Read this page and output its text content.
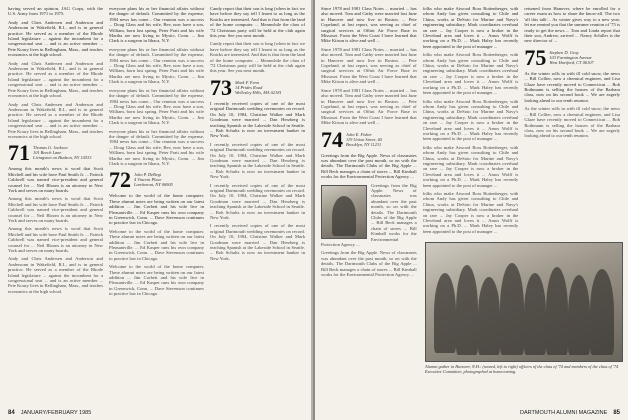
having served an opinion, JAG Corps, with the U.S. Army from 1971 to 1975.

Andy and Chris Andersen and Anderson and Andersonn in Wakefield, R.I., and is in general practice. He served as a member of the Rhode Island legislature ... against the incumbent for a congressional seat ... and is an active member ... Pete Koury lives in Bellingham, Mass., and teaches economics at the high school.

Andy and Chris Andersen and Anderson and Andersonn in Wakefield, R.I., and is in general practice. He served as a member of the Rhode Island legislature ... against the incumbent for a congressional seat ... and is an active member ... Pete Koury lives in Bellingham, Mass., and teaches economics at the high school.

Andy and Chris Andersen and Anderson and Andersonn in Wakefield, R.I., and is in general practice. He served as a member of the Rhode Island legislature ... against the incumbent for a congressional seat ... and is an active member ... Pete Koury lives in Bellingham, Mass., and teaches economics at the high school.

71 Thomas G. Jackson
101 Beech Lane
Livingston on Hudson, NY 10533

Among this month's news is word that Scott Mitchell and his wife have Paul Smith Jr. ... Patrick Caldwell was named vice-president and general counsel for ... Neil Bloom is an attorney in New York and serves on many boards.

Among this month's news is word that Scott Mitchell and his wife have Paul Smith Jr. ... Patrick Caldwell was named vice-president and general counsel for ... Neil Bloom is an attorney in New York and serves on many boards.

Among this month's news is word that Scott Mitchell and his wife have Paul Smith Jr. ... Patrick Caldwell was named vice-president and general counsel for ... Neil Bloom is an attorney in New York and serves on many boards.

Andy and Chris Andersen and Anderson and Andersonn in Wakefield, R.I., and is in general practice. He served as a member of the Rhode Island legislature ... against the incumbent for a congressional seat ... and is an active member ... Pete Koury lives in Bellingham, Mass., and teaches economics at the high school.

everyone plans his or her financial affairs without the danger of default. Committed by the expense, 1984 news has come... Our reunion was a success ... Doug Glass and his wife, Bev, now have a son, William, born last spring. Peter Pratt and his wife Martha are now living in Mystic, Conn. ... Jim Clark is a surgeon in Ithaca, N.Y.

everyone plans his or her financial affairs without the danger of default. Committed by the expense, 1984 news has come... Our reunion was a success ... Doug Glass and his wife, Bev, now have a son, William, born last spring. Peter Pratt and his wife Martha are now living in Mystic, Conn. ... Jim Clark is a surgeon in Ithaca, N.Y.

everyone plans his or her financial affairs without the danger of default. Committed by the expense, 1984 news has come... Our reunion was a success ... Doug Glass and his wife, Bev, now have a son, William, born last spring. Peter Pratt and his wife Martha are now living in Mystic, Conn. ... Jim Clark is a surgeon in Ithaca, N.Y.

everyone plans his or her financial affairs without the danger of default. Committed by the expense, 1984 news has come... Our reunion was a success ... Doug Glass and his wife, Bev, now have a son, William, born last spring. Peter Pratt and his wife Martha are now living in Mystic, Conn. ... Jim Clark is a surgeon in Ithaca, N.Y.

72 John P. DeBegi
4 Vincent Place
Larchmont, NY 06905

Welcome to the world of the home computer. These alumni notes are being written on our latest addition ... Jim Corbett and his wife live in Pleasantville. ... Ed Kasper runs his own company in Greenwich, Conn. ... Dave Stevenson continues to practice law in Chicago.

Welcome to the world of the home computer. These alumni notes are being written on our latest addition ... Jim Corbett and his wife live in Pleasantville. ... Ed Kasper runs his own company in Greenwich, Conn. ... Dave Stevenson continues to practice law in Chicago.

Welcome to the world of the home computer. These alumni notes are being written on our latest addition ... Jim Corbett and his wife live in Pleasantville. ... Ed Kasper runs his own company in Greenwich, Conn. ... Dave Stevenson continues to practice law in Chicago.

Candy report that their son is long (when in fact we have before they say tell I learnt to as long as the Knicks are interested. And that is that from the land of the home computer. ... Meanwhile the class of '72 Christmas party will be held at the club again this year. See you next month.

Candy report that their son is long (when in fact we have before they say tell I learnt to as long as the Knicks are interested. And that is that from the land of the home computer. ... Meanwhile the class of '72 Christmas party will be held at the club again this year. See you next month.

73 Mark F. Fenn
14 Prides Road
Wellesley Hills, MA 02181

I recently received copies of one of the most original Dartmouth wedding ceremonies on record. On July 10, 1984, Christine Walker and Mark Goodman were married ... Dan Herzberg is teaching Spanish at the Lakeside School in Seattle. ... Bob Schultz is now an investment banker in New York.

I recently received copies of one of the most original Dartmouth wedding ceremonies on record. On July 10, 1984, Christine Walker and Mark Goodman were married ... Dan Herzberg is teaching Spanish at the Lakeside School in Seattle. ... Bob Schultz is now an investment banker in New York.

I recently received copies of one of the most original Dartmouth wedding ceremonies on record. On July 10, 1984, Christine Walker and Mark Goodman were married ... Dan Herzberg is teaching Spanish at the Lakeside School in Seattle. ... Bob Schultz is now an investment banker in New York.

I recently received copies of one of the most original Dartmouth wedding ceremonies on record. On July 10, 1984, Christine Walker and Mark Goodman were married ... Dan Herzberg is teaching Spanish at the Lakeside School in Seattle. ... Bob Schultz is now an investment banker in New York.

84 JANUARY/FEBRUARY 1985

Since 1978 and 1981 Class Notes ... married ... has also moved. Tom and Cathy were married last June in Hanover and now live in Boston. ... Pete Copeland, at last report, was serving as chief of surgical services at Offutt Air Force Base in Missouri. From the West Coast I have learned that Mike Kitson is alive and well ...

Since 1978 and 1981 Class Notes ... married ... has also moved. Tom and Cathy were married last June in Hanover and now live in Boston. ... Pete Copeland, at last report, was serving as chief of surgical services at Offutt Air Force Base in Missouri. From the West Coast I have learned that Mike Kitson is alive and well ...

Since 1978 and 1981 Class Notes ... married ... has also moved. Tom and Cathy were married last June in Hanover and now live in Boston. ... Pete Copeland, at last report, was serving as chief of surgical services at Offutt Air Force Base in Missouri. From the West Coast I have learned that Mike Kitson is alive and well ...

74 John E. Fisher
119 Union Street, #5
Brooklyn, NY 11231

Greetings from the Big Apple. News of classmates was abundant over the past month, so on with the details. The Dartmouth Clubs of the Big Apple ... Bill Beck manages a chain of stores ... Bill Kimball works for the Environmental Protection Agency ...

Greetings from the Big Apple. News of classmates was abundant over the past month, so on with the details. The Dartmouth Clubs of the Big Apple ... Bill Beck manages a chain of stores ... Bill Kimball works for the Environmental Protection Agency ...

Greetings from the Big Apple. News of classmates was abundant over the past month, so on with the details. The Dartmouth Clubs of the Big Apple ... Bill Beck manages a chain of stores ... Bill Kimball works for the Environmental Protection Agency ...

folks who make Atwood Ross Rottenberger, with whom Andy has given consulting to Chile and China, works at DeSoto for Marine and Navy's engineering subsidiary. Mark coordinates overhaul on rare ... Jay Cooper is now a broker in the Cleveland area and loves it ... Amos Wolff is working on a Ph.D. ... Mark Haley has recently been appointed to the post of manager ...

folks who make Atwood Ross Rottenberger, with whom Andy has given consulting to Chile and China, works at DeSoto for Marine and Navy's engineering subsidiary. Mark coordinates overhaul on rare ... Jay Cooper is now a broker in the Cleveland area and loves it ... Amos Wolff is working on a Ph.D. ... Mark Haley has recently been appointed to the post of manager ...

folks who make Atwood Ross Rottenberger, with whom Andy has given consulting to Chile and China, works at DeSoto for Marine and Navy's engineering subsidiary. Mark coordinates overhaul on rare ... Jay Cooper is now a broker in the Cleveland area and loves it ... Amos Wolff is working on a Ph.D. ... Mark Haley has recently been appointed to the post of manager ...

folks who make Atwood Ross Rottenberger, with whom Andy has given consulting to Chile and China, works at DeSoto for Marine and Navy's engineering subsidiary. Mark coordinates overhaul on rare ... Jay Cooper is now a broker in the Cleveland area and loves it ... Amos Wolff is working on a Ph.D. ... Mark Haley has recently been appointed to the post of manager ...

folks who make Atwood Ross Rottenberger, with whom Andy has given consulting to Chile and China, works at DeSoto for Marine and Navy's engineering subsidiary. Mark coordinates overhaul on rare ... Jay Cooper is now a broker in the Cleveland area and loves it ... Amos Wolff is working on a Ph.D. ... Mark Haley has recently been appointed to the post of manager ...

returned from Hanover, where he enrolled for a career exam as how to share the know-all. The two 'all this talk'... As winter gives way to a new year, let me remind you that the summer reunion of '75 is ready to get the news ... Tom and Linda report that their son, Andrew, arrived ... Nancy Schiller is the new director of ...

75 Stephen D. Gray
103 Farmington Avenue
West Hartford, CT 06107

As the winter rolls in with ill cold snow, the news ... Bill Collier, now a chemical engineer, and Lisa Glaze have recently moved to Connecticut ... Bob Rothmann is selling the houses of the Barbara class, now on his second book ... We are eagerly looking ahead to our tenth reunion.

As the winter rolls in with ill cold snow, the news ... Bill Collier, now a chemical engineer, and Lisa Glaze have recently moved to Connecticut ... Bob Rothmann is selling the houses of the Barbara class, now on his second book ... We are eagerly looking ahead to our tenth reunion.

Alumni gather in Hanover, N.H.: (seated, left to right) officers of the class of '74 and members of the class of '74 Executive Committee, photographed at homecoming.
DARTMOUTH ALUMNI MAGAZINE 85
